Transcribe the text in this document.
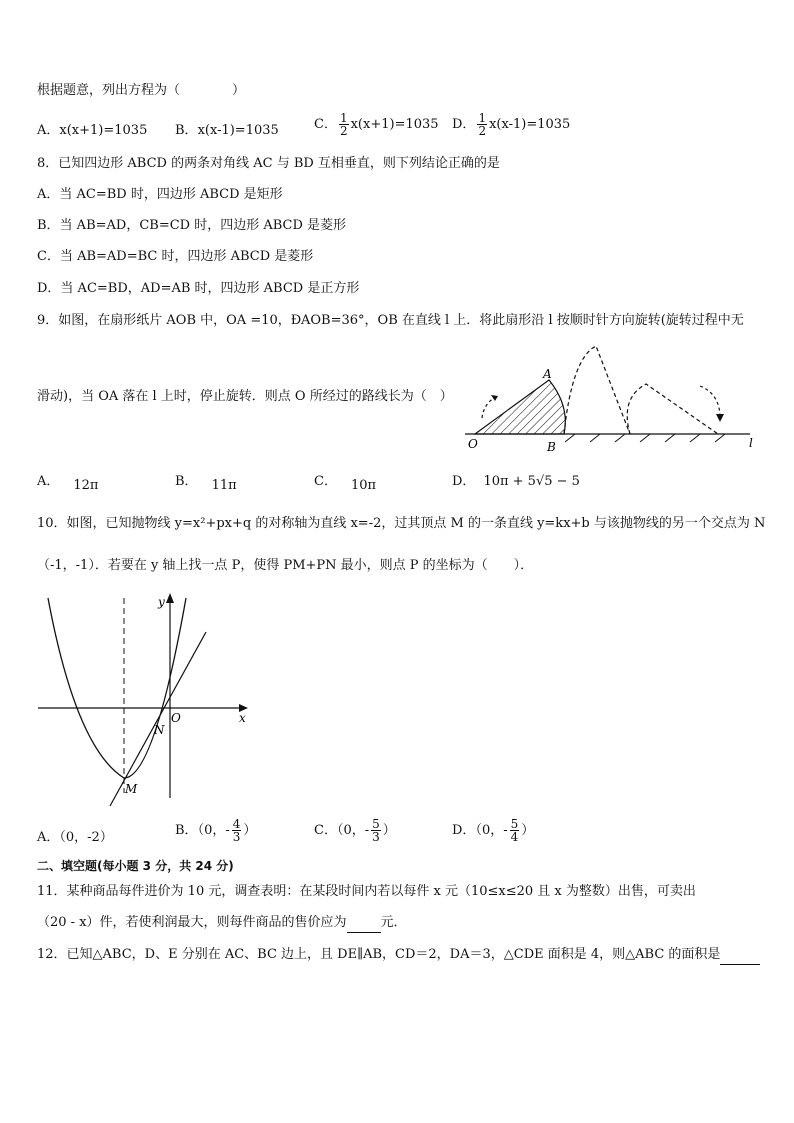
根据题意，列出方程为（　　　　）
A．x(x+1)=1035 B．x(x-1)=1035	C． $\frac{1}{2} x(x+1)=1035$ D． $\frac{1}{2} x(x-1)=1035$
8．已知四边形 ABCD 的两条对角线 AC 与 BD 互相垂直，则下列结论正确的是
A．当 AC=BD 时，四边形 ABCD 是矩形
B．当 AB=AD，CB=CD 时，四边形 ABCD 是菱形
C．当 AB=AD=BC 时，四边形 ABCD 是菱形
D．当 AC=BD，AD=AB 时，四边形 ABCD 是正方形
9．如图，在扇形纸片 AOB 中，OA =10，ÐAOB=36°，OB 在直线 l 上．将此扇形沿 l 按顺时针方向旋转(旋转过程中无
滑动)，当 OA 落在 l 上时，停止旋转．则点 O 所经过的路线长为（　）
A
O	B	l
A． 12π	B． 11π	C． 10π	D． 10π + 5√5 − 5
10．如图，已知抛物线 y=x²+px+q 的对称轴为直线 x=-2，过其顶点 M 的一条直线 y=kx+b 与该抛物线的另一个交点为 N
（-1，-1）．若要在 y 轴上找一点 P，使得 PM+PN 最小，则点 P 的坐标为（　　）．
y
x
O
N
M
A．（0，-2）	B．（0，- $\frac{4}{3}$ ）	C．（0，- $\frac{5}{3}$ ）	D．（0，- $\frac{5}{4}$ ）
二、填空题(每小题 3 分，共 24 分)
11．某种商品每件进价为 10 元，调查表明：在某段时间内若以每件 x 元（10≤x≤20 且 x 为整数）出售，可卖出
（20 - x）件，若使利润最大，则每件商品的售价应为	元．
12．已知△ABC，D、E 分别在 AC、BC 边上，且 DE∥AB，CD＝2，DA＝3，△CDE 面积是 4，则△ABC 的面积是
